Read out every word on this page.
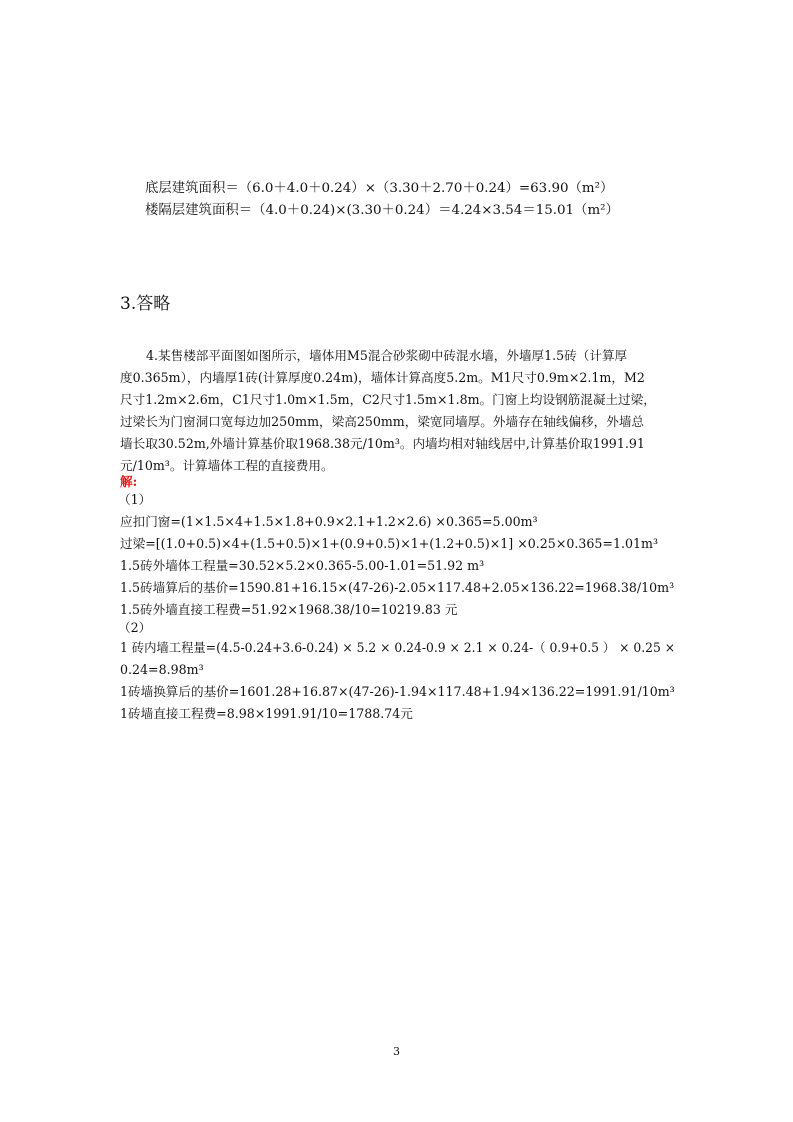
底层建筑面积＝（6.0＋4.0＋0.24）×（3.30＋2.70＋0.24）=63.90（m²）
楼隔层建筑面积＝（4.0＋0.24)×(3.30＋0.24）＝4.24×3.54＝15.01（m²）
3.答略
4.某售楼部平面图如图所示，墙体用M5混合砂浆砌中砖混水墙，外墙厚1.5砖（计算厚
度0.365m），内墙厚1砖(计算厚度0.24m)，墙体计算高度5.2m。M1尺寸0.9m×2.1m，M2
尺寸1.2m×2.6m，C1尺寸1.0m×1.5m，C2尺寸1.5m×1.8m。门窗上均设钢筋混凝土过梁，
过梁长为门窗洞口宽每边加250mm，梁高250mm，梁宽同墙厚。外墙存在轴线偏移，外墙总
墙长取30.52m,外墙计算基价取1968.38元/10m³。内墙均相对轴线居中,计算基价取1991.91
元/10m³。计算墙体工程的直接费用。
解:
（1）
应扣门窗=(1×1.5×4+1.5×1.8+0.9×2.1+1.2×2.6) ×0.365=5.00m³
过梁=[(1.0+0.5)×4+(1.5+0.5)×1+(0.9+0.5)×1+(1.2+0.5)×1] ×0.25×0.365=1.01m³
1.5砖外墙体工程量=30.52×5.2×0.365-5.00-1.01=51.92 m³
1.5砖墙算后的基价=1590.81+16.15×(47-26)-2.05×117.48+2.05×136.22=1968.38/10m³
1.5砖外墙直接工程费=51.92×1968.38/10=10219.83 元
（2）
1 砖内墙工程量=(4.5-0.24+3.6-0.24) × 5.2 × 0.24-0.9 × 2.1 × 0.24-（ 0.9+0.5 ） × 0.25 ×
0.24=8.98m³
1砖墙换算后的基价=1601.28+16.87×(47-26)-1.94×117.48+1.94×136.22=1991.91/10m³
1砖墙直接工程费=8.98×1991.91/10=1788.74元
3
